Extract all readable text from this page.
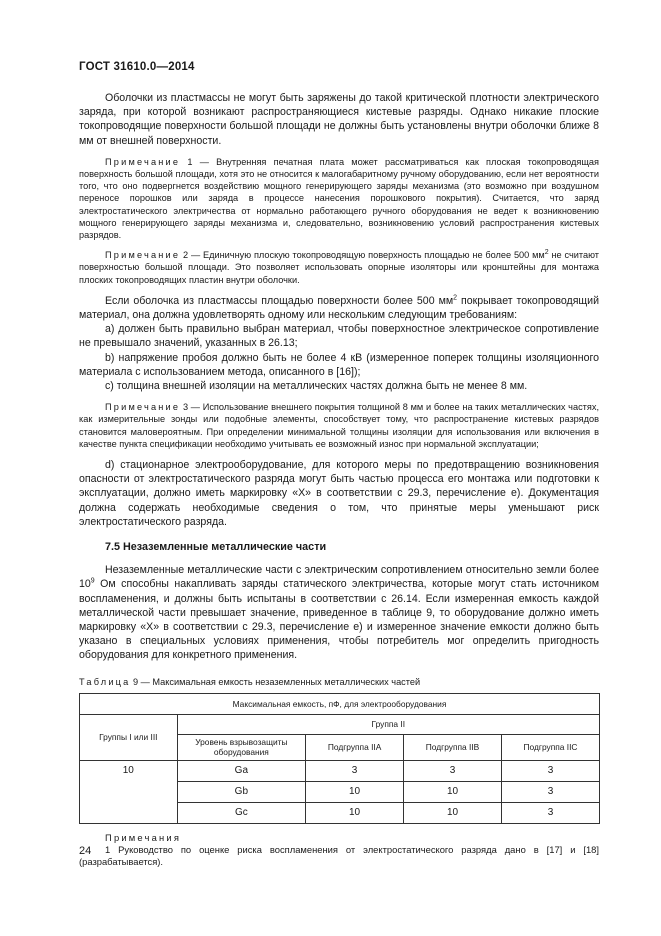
ГОСТ 31610.0—2014

Оболочки из пластмассы не могут быть заряжены до такой критической плотности электрического заряда, при которой возникают распространяющиеся кистевые разряды. Однако никакие плоские токопроводящие поверхности большой площади не должны быть установлены внутри оболочки ближе 8 мм от внешней поверхности.

Примечание 1 — Внутренняя печатная плата может рассматриваться как плоская токопроводящая поверхность большой площади, хотя это не относится к малогабаритному ручному оборудованию, если нет вероятности того, что оно подвергнется воздействию мощного генерирующего заряды механизма (это возможно при воздушном переносе порошков или заряда в процессе нанесения порошкового покрытия). Считается, что заряд электростатического электричества от нормально работающего ручного оборудования не ведет к возникновению мощного генерирующего заряды механизма и, следовательно, возникновению условий распространения кистевых разрядов.

Примечание 2 — Единичную плоскую токопроводящую поверхность площадью не более 500 $мм^2$ не считают поверхностью большой площади. Это позволяет использовать опорные изоляторы или кронштейны для монтажа плоских токопроводящих пластин внутри оболочки.

Если оболочка из пластмассы площадью поверхности более 500 $мм^2$ покрывает токопроводящий материал, она должна удовлетворять одному или нескольким следующим требованиям:

а) должен быть правильно выбран материал, чтобы поверхностное электрическое сопротивление не превышало значений, указанных в 26.13;

b) напряжение пробоя должно быть не более 4 кВ (измеренное поперек толщины изоляционного материала с использованием метода, описанного в [16]);

с) толщина внешней изоляции на металлических частях должна быть не менее 8 мм.

Примечание 3 — Использование внешнего покрытия толщиной 8 мм и более на таких металлических частях, как измерительные зонды или подобные элементы, способствует тому, что распространение кистевых разрядов становится маловероятным. При определении минимальной толщины изоляции для использования или включения в качестве пункта спецификации необходимо учитывать ее возможный износ при нормальной эксплуатации;

d) стационарное электрооборудование, для которого меры по предотвращению возникновения опасности от электростатического разряда могут быть частью процесса его монтажа или подготовки к эксплуатации, должно иметь маркировку «X» в соответствии с 29.3, перечисление е). Документация должна содержать необходимые сведения о том, что принятые меры уменьшают риск электростатического разряда.

7.5 Незаземленные металлические части

Незаземленные металлические части с электрическим сопротивлением относительно земли более $10^9$ Ом способны накапливать заряды статического электричества, которые могут стать источником воспламенения, и должны быть испытаны в соответствии с 26.14. Если измеренная емкость каждой металлической части превышает значение, приведенное в таблице 9, то оборудование должно иметь маркировку «X» в соответствии с 29.3, перечисление е) и измеренное значение емкости должно быть указано в специальных условиях применения, чтобы потребитель мог определить пригодность оборудования для конкретного применения.

Таблица 9 — Максимальная емкость незаземленных металлических частей
Максимальная емкость, пФ, для электрооборудования				
Группы I или III	Группа II			
	Уровень взрывозащиты оборудования	Подгруппа IIA	Подгруппа IIB	Подгруппа IIC
10	Ga	3	3	3
	Gb	10	10	3
	Gc	10	10	3
Примечания
1 Руководство по оценке риска воспламенения от электростатического разряда дано в [17] и [18] (разрабатывается).
24
